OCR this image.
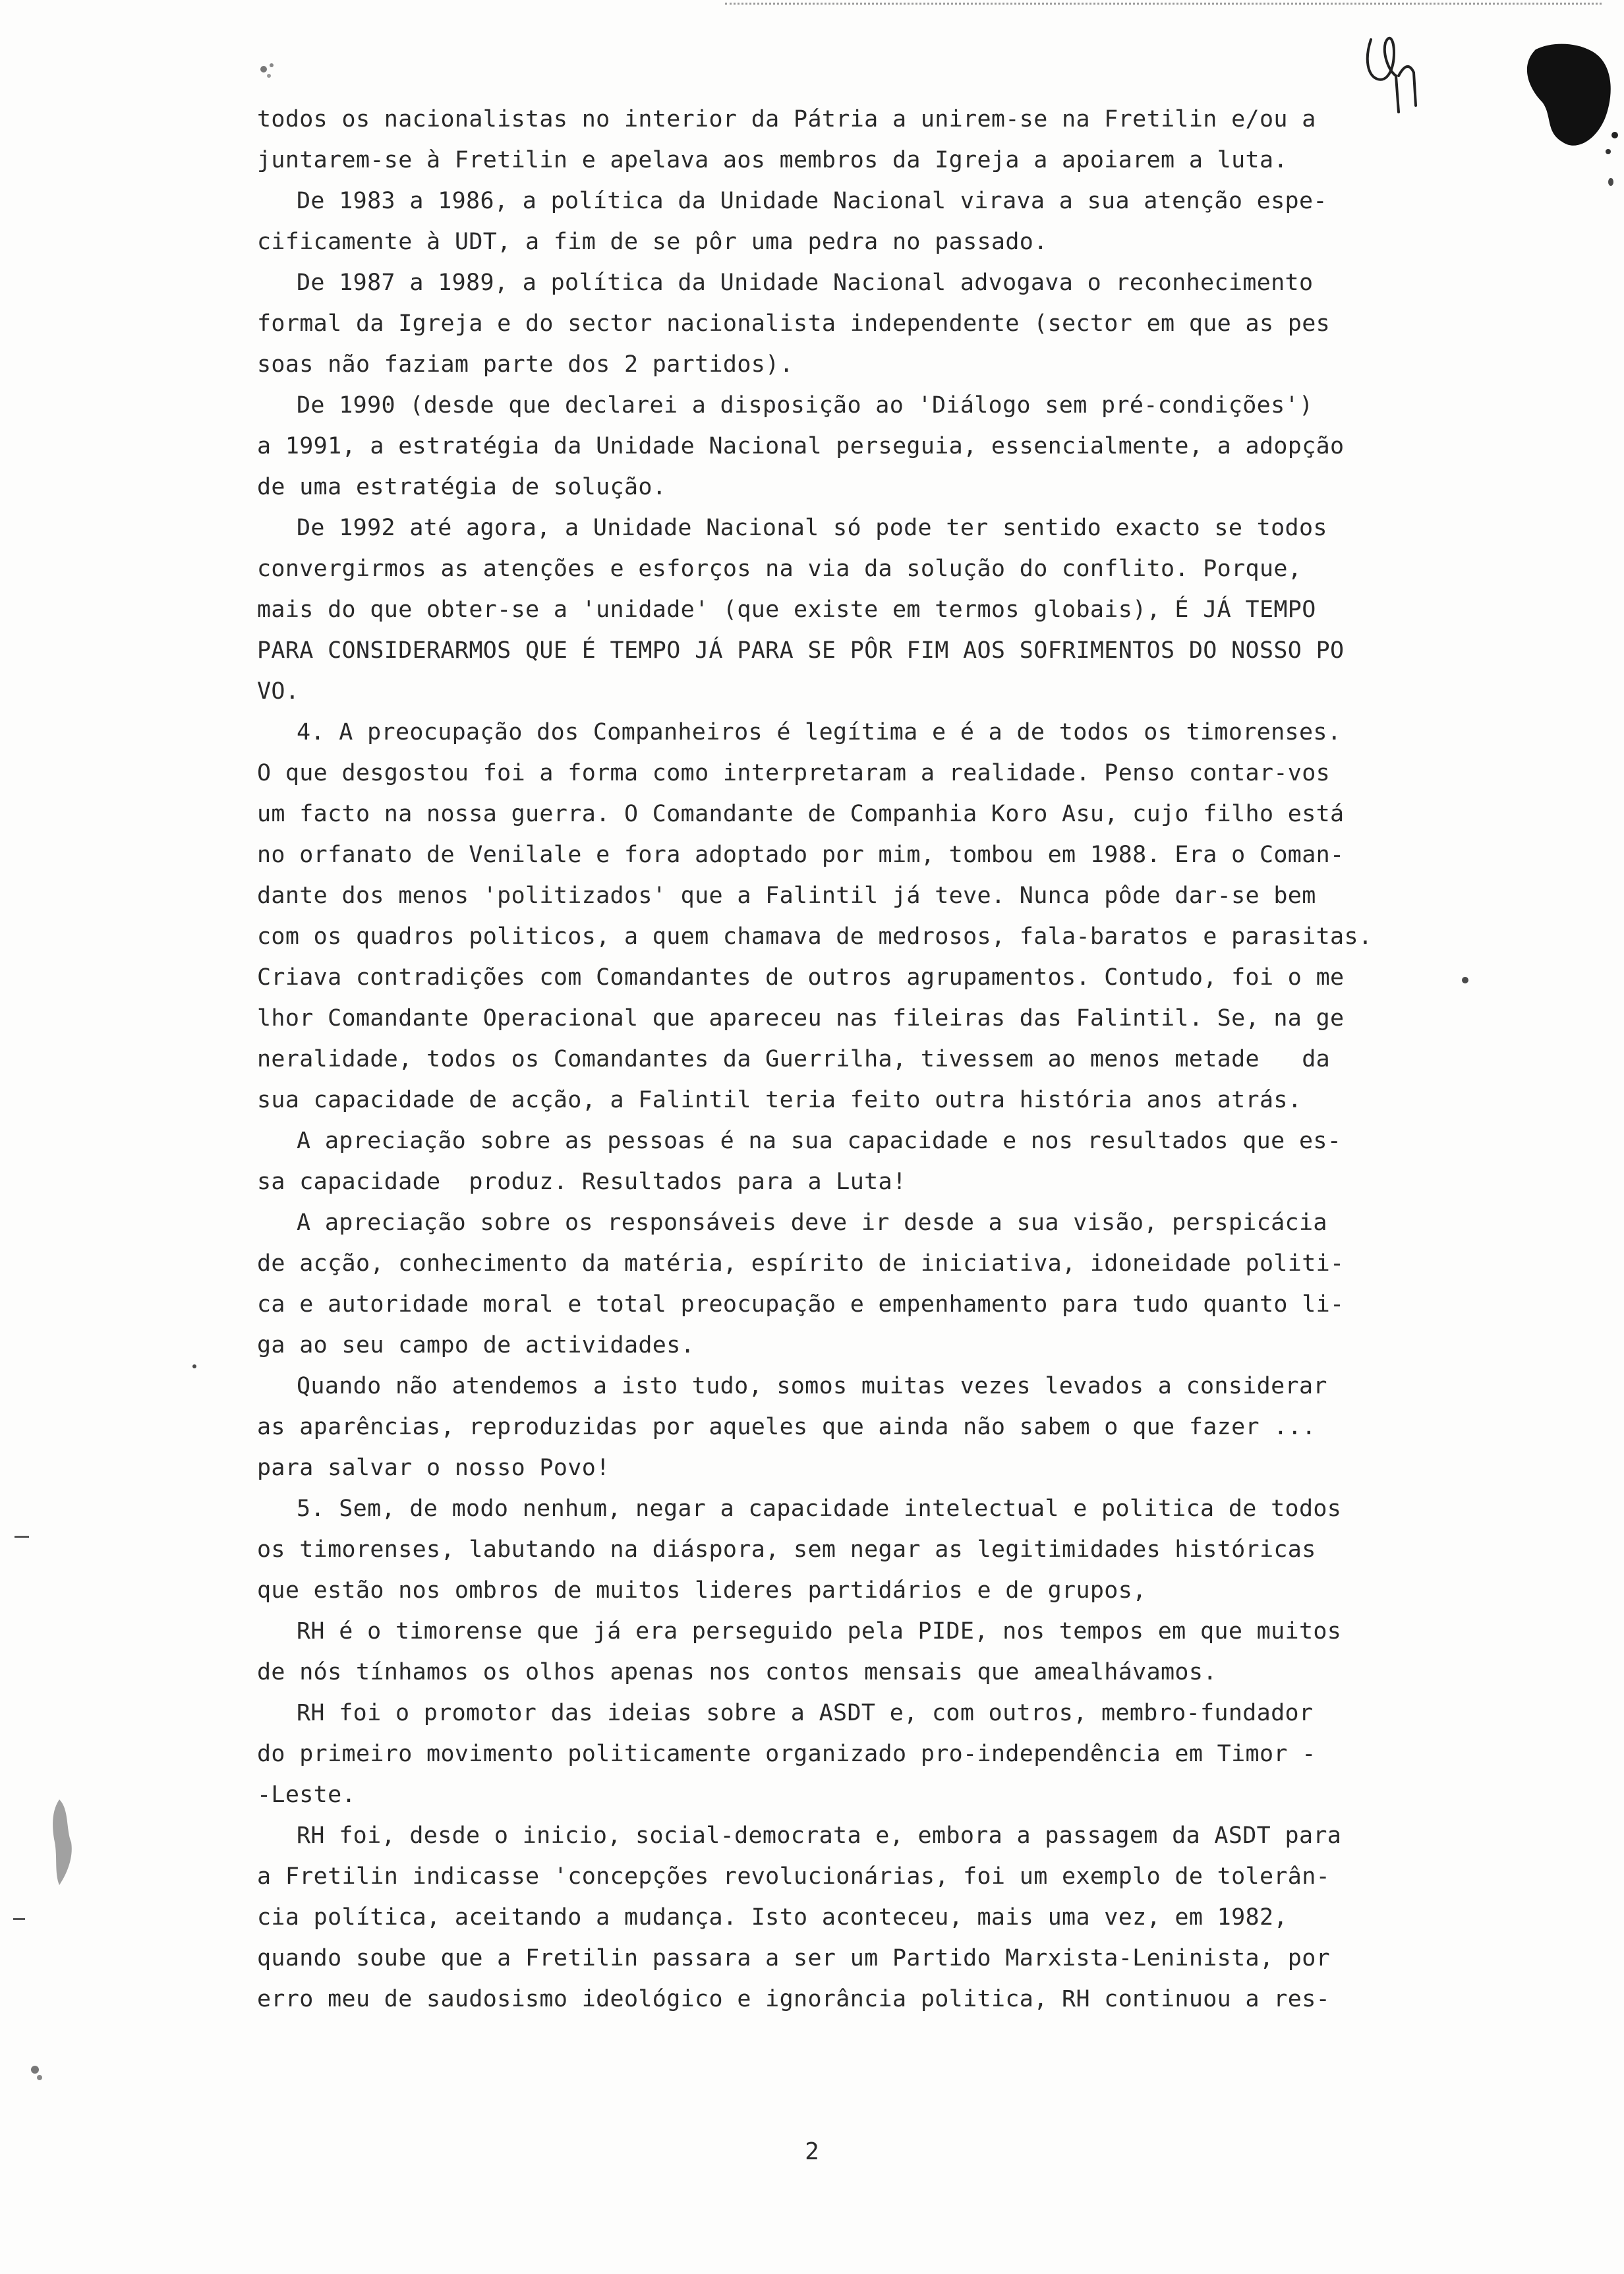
todos os nacionalistas no interior da Pátria a unirem-se na Fretilin e/ou a
juntarem-se à Fretilin e apelava aos membros da Igreja a apoiarem a luta.
De 1983 a 1986, a política da Unidade Nacional virava a sua atenção espe-
cificamente à UDT, a fim de se pôr uma pedra no passado.
De 1987 a 1989, a política da Unidade Nacional advogava o reconhecimento
formal da Igreja e do sector nacionalista independente (sector em que as pes
soas não faziam parte dos 2 partidos).
De 1990 (desde que declarei a disposição ao 'Diálogo sem pré-condições')
a 1991, a estratégia da Unidade Nacional perseguia, essencialmente, a adopção
de uma estratégia de solução.
De 1992 até agora, a Unidade Nacional só pode ter sentido exacto se todos
convergirmos as atenções e esforços na via da solução do conflito. Porque,
mais do que obter-se a 'unidade' (que existe em termos globais), É JÁ TEMPO
PARA CONSIDERARMOS QUE É TEMPO JÁ PARA SE PÔR FIM AOS SOFRIMENTOS DO NOSSO PO
VO.
4. A preocupação dos Companheiros é legítima e é a de todos os timorenses.
O que desgostou foi a forma como interpretaram a realidade. Penso contar-vos
um facto na nossa guerra. O Comandante de Companhia Koro Asu, cujo filho está
no orfanato de Venilale e fora adoptado por mim, tombou em 1988. Era o Coman-
dante dos menos 'politizados' que a Falintil já teve. Nunca pôde dar-se bem
com os quadros politicos, a quem chamava de medrosos, fala-baratos e parasitas.
Criava contradições com Comandantes de outros agrupamentos. Contudo, foi o me
lhor Comandante Operacional que apareceu nas fileiras das Falintil. Se, na ge
neralidade, todos os Comandantes da Guerrilha, tivessem ao menos metade   da
sua capacidade de acção, a Falintil teria feito outra história anos atrás.
A apreciação sobre as pessoas é na sua capacidade e nos resultados que es-
sa capacidade  produz. Resultados para a Luta!
A apreciação sobre os responsáveis deve ir desde a sua visão, perspicácia
de acção, conhecimento da matéria, espírito de iniciativa, idoneidade politi-
ca e autoridade moral e total preocupação e empenhamento para tudo quanto li-
ga ao seu campo de actividades.
Quando não atendemos a isto tudo, somos muitas vezes levados a considerar
as aparências, reproduzidas por aqueles que ainda não sabem o que fazer ...
para salvar o nosso Povo!
5. Sem, de modo nenhum, negar a capacidade intelectual e politica de todos
os timorenses, labutando na diáspora, sem negar as legitimidades históricas
que estão nos ombros de muitos lideres partidários e de grupos,
RH é o timorense que já era perseguido pela PIDE, nos tempos em que muitos
de nós tínhamos os olhos apenas nos contos mensais que amealhávamos.
RH foi o promotor das ideias sobre a ASDT e, com outros, membro-fundador
do primeiro movimento politicamente organizado pro-independência em Timor -
-Leste.
RH foi, desde o inicio, social-democrata e, embora a passagem da ASDT para
a Fretilin indicasse 'concepções revolucionárias, foi um exemplo de tolerân-
cia política, aceitando a mudança. Isto aconteceu, mais uma vez, em 1982,
quando soube que a Fretilin passara a ser um Partido Marxista-Leninista, por
erro meu de saudosismo ideológico e ignorância politica, RH continuou a res-
2
